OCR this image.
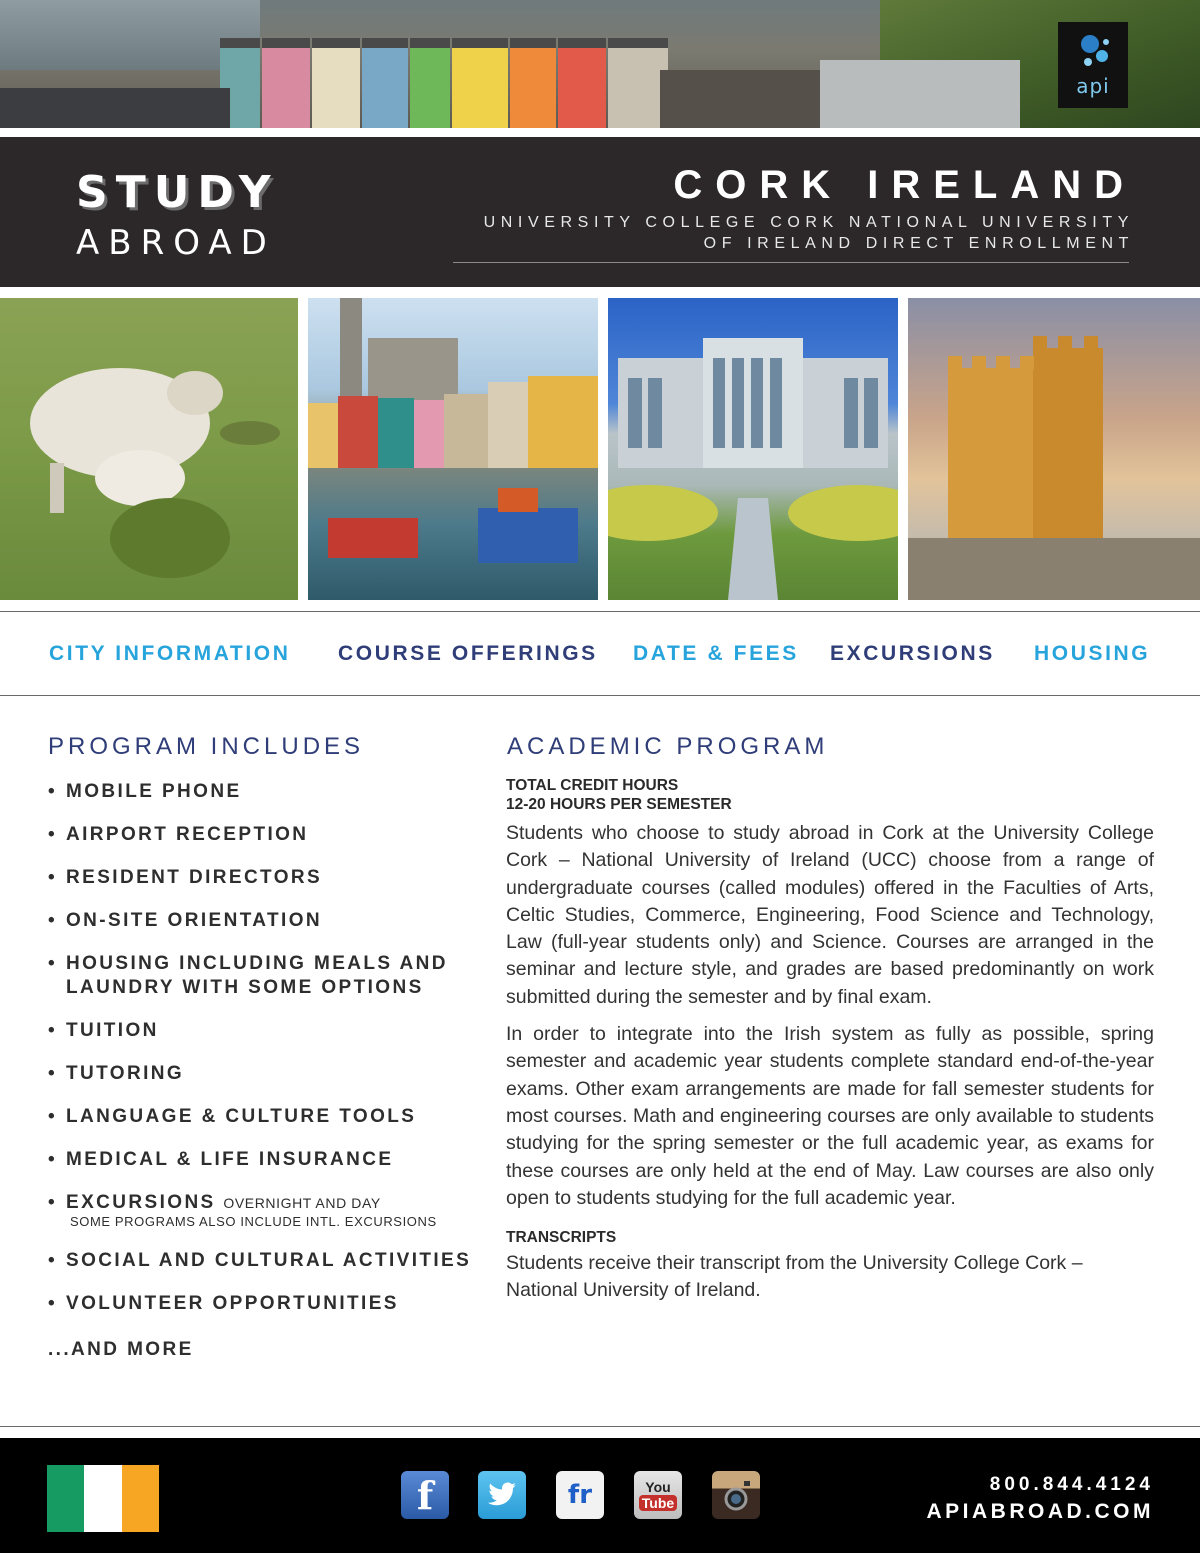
api
STUDY
ABROAD
CORK IRELAND
UNIVERSITY COLLEGE CORK NATIONAL UNIVERSITY
OF IRELAND DIRECT ENROLLMENT
CITY INFORMATION COURSE OFFERINGS DATE & FEES EXCURSIONS HOUSING
PROGRAM INCLUDES
• MOBILE PHONE
• AIRPORT RECEPTION
• RESIDENT DIRECTORS
• ON-SITE ORIENTATION
• HOUSING INCLUDING MEALS AND LAUNDRY WITH SOME OPTIONS
• TUITION
• TUTORING
• LANGUAGE & CULTURE TOOLS
• MEDICAL & LIFE INSURANCE
• EXCURSIONS OVERNIGHT AND DAY
SOME PROGRAMS ALSO INCLUDE INTL. EXCURSIONS
• SOCIAL AND CULTURAL ACTIVITIES
• VOLUNTEER OPPORTUNITIES
...AND MORE
ACADEMIC PROGRAM
TOTAL CREDIT HOURS
12-20 HOURS PER SEMESTER

Students who choose to study abroad in Cork at the University College Cork – National University of Ireland (UCC) choose from a range of undergraduate courses (called modules) offered in the Faculties of Arts, Celtic Studies, Commerce, Engineering, Food Science and Technology, Law (full-year students only) and Science. Courses are arranged in the seminar and lecture style, and grades are based predominantly on work submitted during the semester and by final exam.

In order to integrate into the Irish system as fully as possible, spring semester and academic year students complete standard end-of-the-year exams. Other exam arrangements are made for fall semester students for most courses. Math and engineering courses are only available to students studying for the spring semester or the full academic year, as exams for these courses are only held at the end of May. Law courses are also only open to students studying for the full academic year.

TRANSCRIPTS

Students receive their transcript from the University College Cork – National University of Ireland.

f	fr	You
Tube
800.844.4124
APIABROAD.COM
